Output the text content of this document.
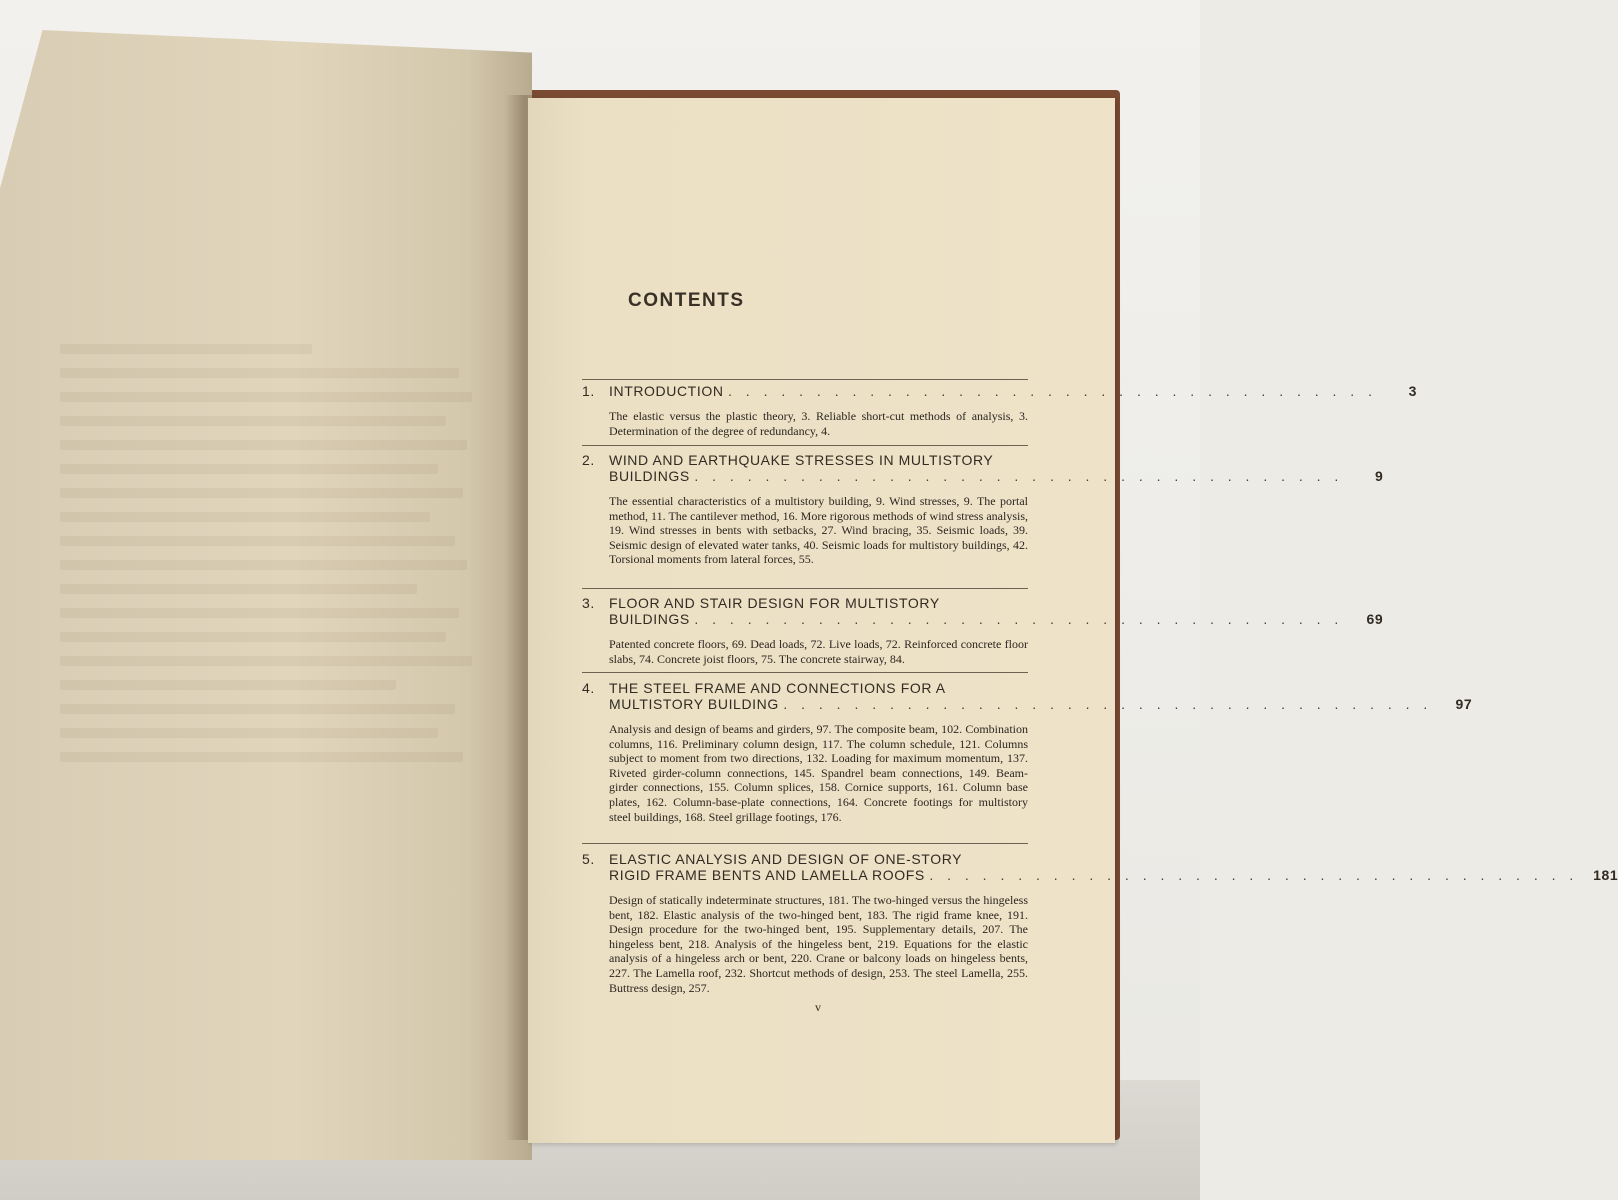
CONTENTS
1.	INTRODUCTION . . . . . . . . . . . . . . . . . . . . . . . . . . . . . . . . . . . . .	3
The elastic versus the plastic theory, 3. Reliable short-cut methods of analysis, 3. Determination of the degree of redundancy, 4.
2.	WIND AND EARTHQUAKE STRESSES IN MULTISTORY
BUILDINGS . . . . . . . . . . . . . . . . . . . . . . . . . . . . . . . . . . . . .	9
The essential characteristics of a multistory building, 9. Wind stresses, 9. The portal method, 11. The cantilever method, 16. More rigorous methods of wind stress analysis, 19. Wind stresses in bents with setbacks, 27. Wind bracing, 35. Seismic loads, 39. Seismic design of elevated water tanks, 40. Seismic loads for multistory buildings, 42. Torsional moments from lateral forces, 55.
3.	FLOOR AND STAIR DESIGN FOR MULTISTORY
BUILDINGS . . . . . . . . . . . . . . . . . . . . . . . . . . . . . . . . . . . . .	69
Patented concrete floors, 69. Dead loads, 72. Live loads, 72. Reinforced concrete floor slabs, 74. Concrete joist floors, 75. The concrete stairway, 84.
4.	THE STEEL FRAME AND CONNECTIONS FOR A
MULTISTORY BUILDING . . . . . . . . . . . . . . . . . . . . . . . . . . . . . . . . . . . . .	97
Analysis and design of beams and girders, 97. The composite beam, 102. Combination columns, 116. Preliminary column design, 117. The column schedule, 121. Columns subject to moment from two directions, 132. Loading for maximum momentum, 137. Riveted girder-column connections, 145. Spandrel beam connections, 149. Beam-girder connections, 155. Column splices, 158. Cornice supports, 161. Column base plates, 162. Column-base-plate connections, 164. Concrete footings for multistory steel buildings, 168. Steel grillage footings, 176.
5.	ELASTIC ANALYSIS AND DESIGN OF ONE-STORY
RIGID FRAME BENTS AND LAMELLA ROOFS . . . . . . . . . . . . . . . . . . . . . . . . . . . . . . . . . . . . .	181
Design of statically indeterminate structures, 181. The two-hinged versus the hingeless bent, 182. Elastic analysis of the two-hinged bent, 183. The rigid frame knee, 191. Design procedure for the two-hinged bent, 195. Supplementary details, 207. The hingeless bent, 218. Analysis of the hingeless bent, 219. Equations for the elastic analysis of a hingeless arch or bent, 220. Crane or balcony loads on hingeless bents, 227. The Lamella roof, 232. Shortcut methods of design, 253. The steel Lamella, 255. Buttress design, 257.
v
